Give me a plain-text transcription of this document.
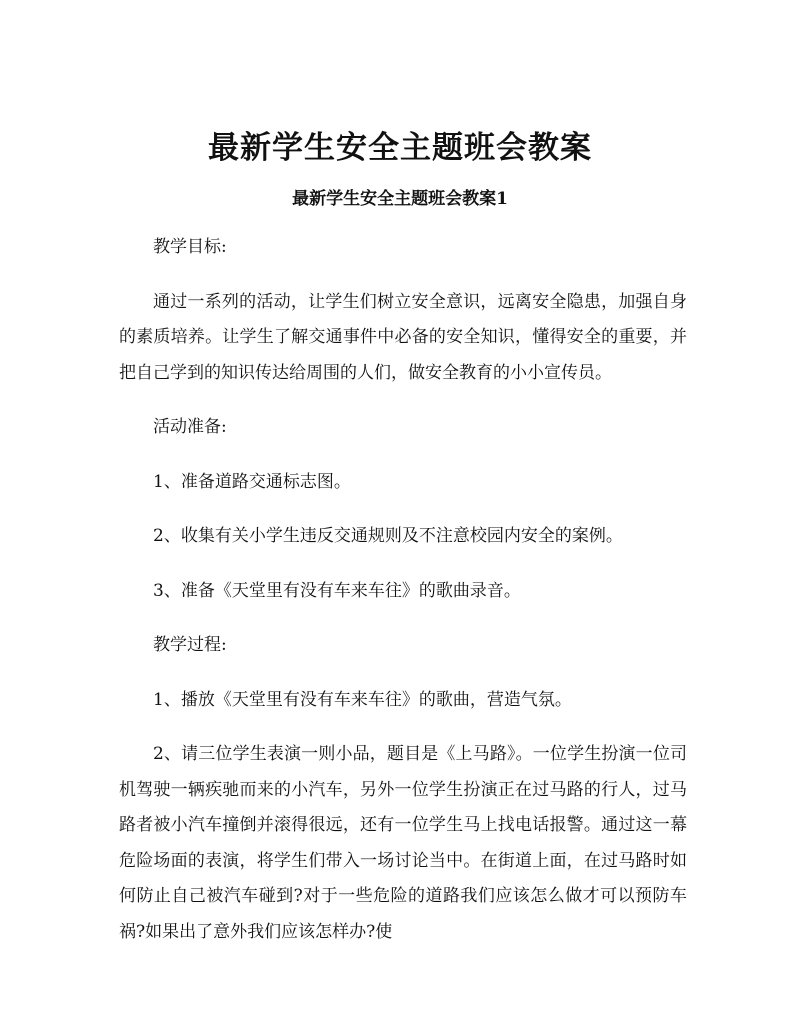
最新学生安全主题班会教案
最新学生安全主题班会教案1

教学目标:

通过一系列的活动，让学生们树立安全意识，远离安全隐患，加强自身的素质培养。让学生了解交通事件中必备的安全知识，懂得安全的重要，并把自己学到的知识传达给周围的人们，做安全教育的小小宣传员。

活动准备:

1、准备道路交通标志图。

2、收集有关小学生违反交通规则及不注意校园内安全的案例。

3、准备《天堂里有没有车来车往》的歌曲录音。

教学过程:

1、播放《天堂里有没有车来车往》的歌曲，营造气氛。

2、请三位学生表演一则小品，题目是《上马路》。一位学生扮演一位司机驾驶一辆疾驰而来的小汽车，另外一位学生扮演正在过马路的行人，过马路者被小汽车撞倒并滚得很远，还有一位学生马上找电话报警。通过这一幕危险场面的表演，将学生们带入一场讨论当中。在街道上面，在过马路时如何防止自己被汽车碰到?对于一些危险的道路我们应该怎么做才可以预防车祸?如果出了意外我们应该怎样办?使
